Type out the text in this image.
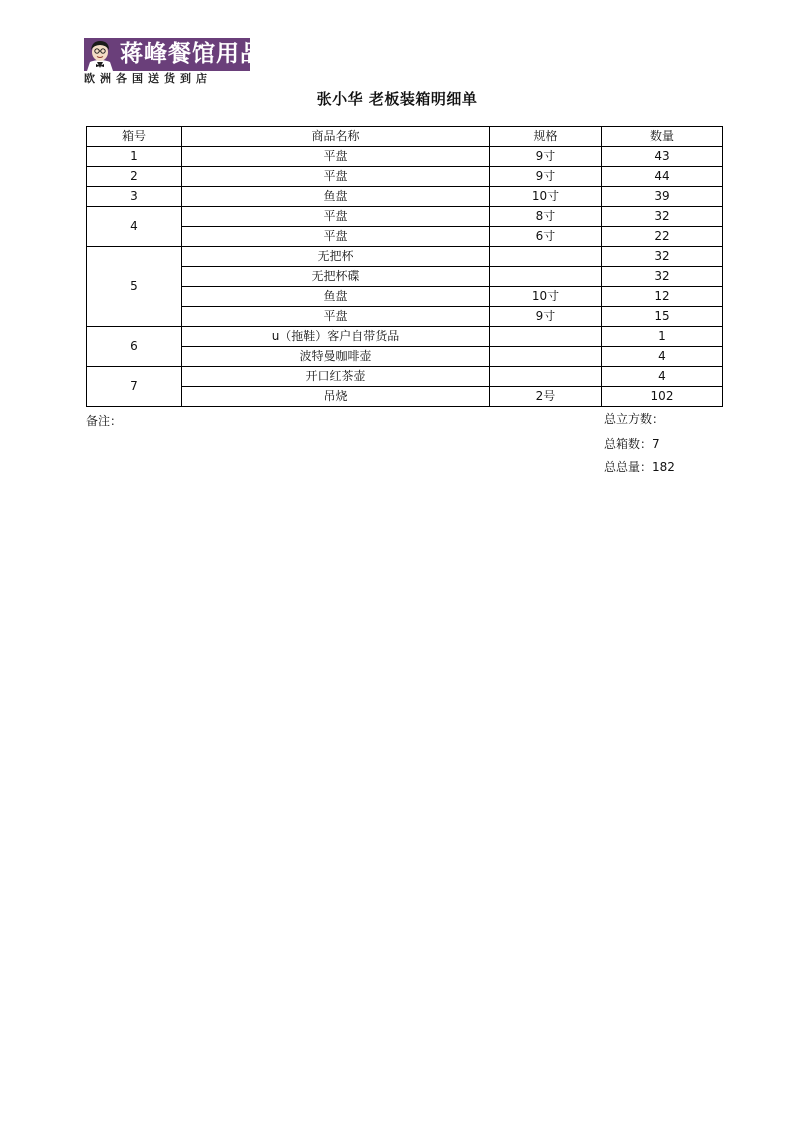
蒋峰餐馆用品
欧洲各国送货到店
张小华 老板装箱明细单
箱号	商品名称	规格	数量
1	平盘	9寸	43
2	平盘	9寸	44
3	鱼盘	10寸	39
4	平盘	8寸	32
	平盘	6寸	22
5	无把杯		32
	无把杯碟		32
	鱼盘	10寸	12
	平盘	9寸	15
6	u（拖鞋）客户自带货品		1
	波特曼咖啡壶		4
7	开口红茶壶		4
	吊烧	2号	102
备注：	总立方数：
总箱数：7
总总量：182
